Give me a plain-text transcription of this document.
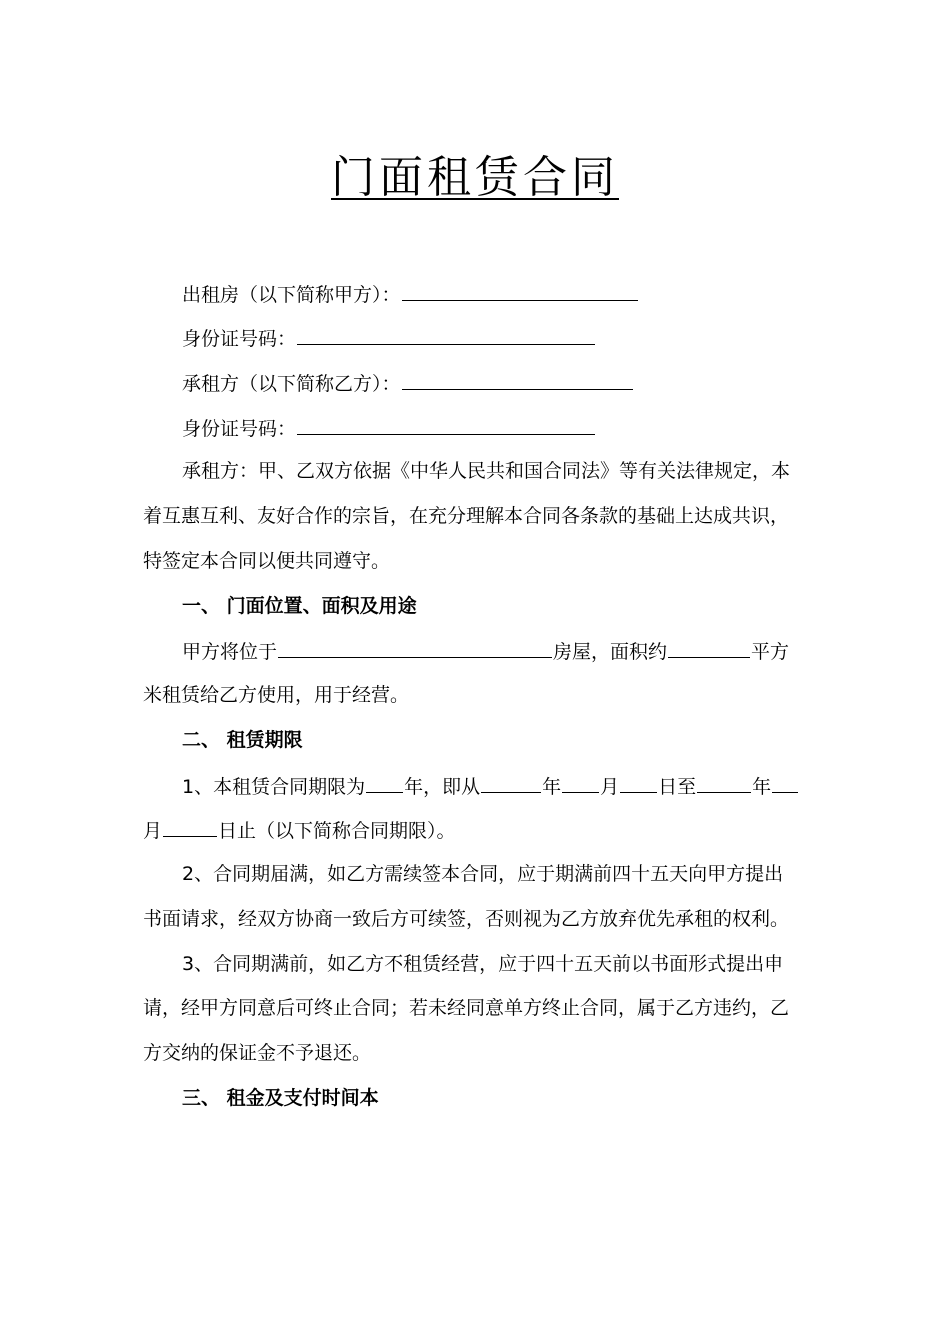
门面租赁合同
出租房（以下简称甲方）：
身份证号码：
承租方（以下简称乙方）：
身份证号码：
承租方：甲、乙双方依据《中华人民共和国合同法》等有关法律规定，本
着互惠互利、友好合作的宗旨，在充分理解本合同各条款的基础上达成共识，
特签定本合同以便共同遵守。
一、 门面位置、面积及用途
甲方将位于	房屋，面积约	平方
米租赁给乙方使用，用于经营。
二、 租赁期限
1、本租赁合同期限为 年，即从	年 月 日至	年
月	日止（以下简称合同期限）。
2、合同期届满，如乙方需续签本合同，应于期满前四十五天向甲方提出
书面请求，经双方协商一致后方可续签，否则视为乙方放弃优先承租的权利。
3、合同期满前，如乙方不租赁经营，应于四十五天前以书面形式提出申
请，经甲方同意后可终止合同；若未经同意单方终止合同，属于乙方违约，乙
方交纳的保证金不予退还。
三、 租金及支付时间本
